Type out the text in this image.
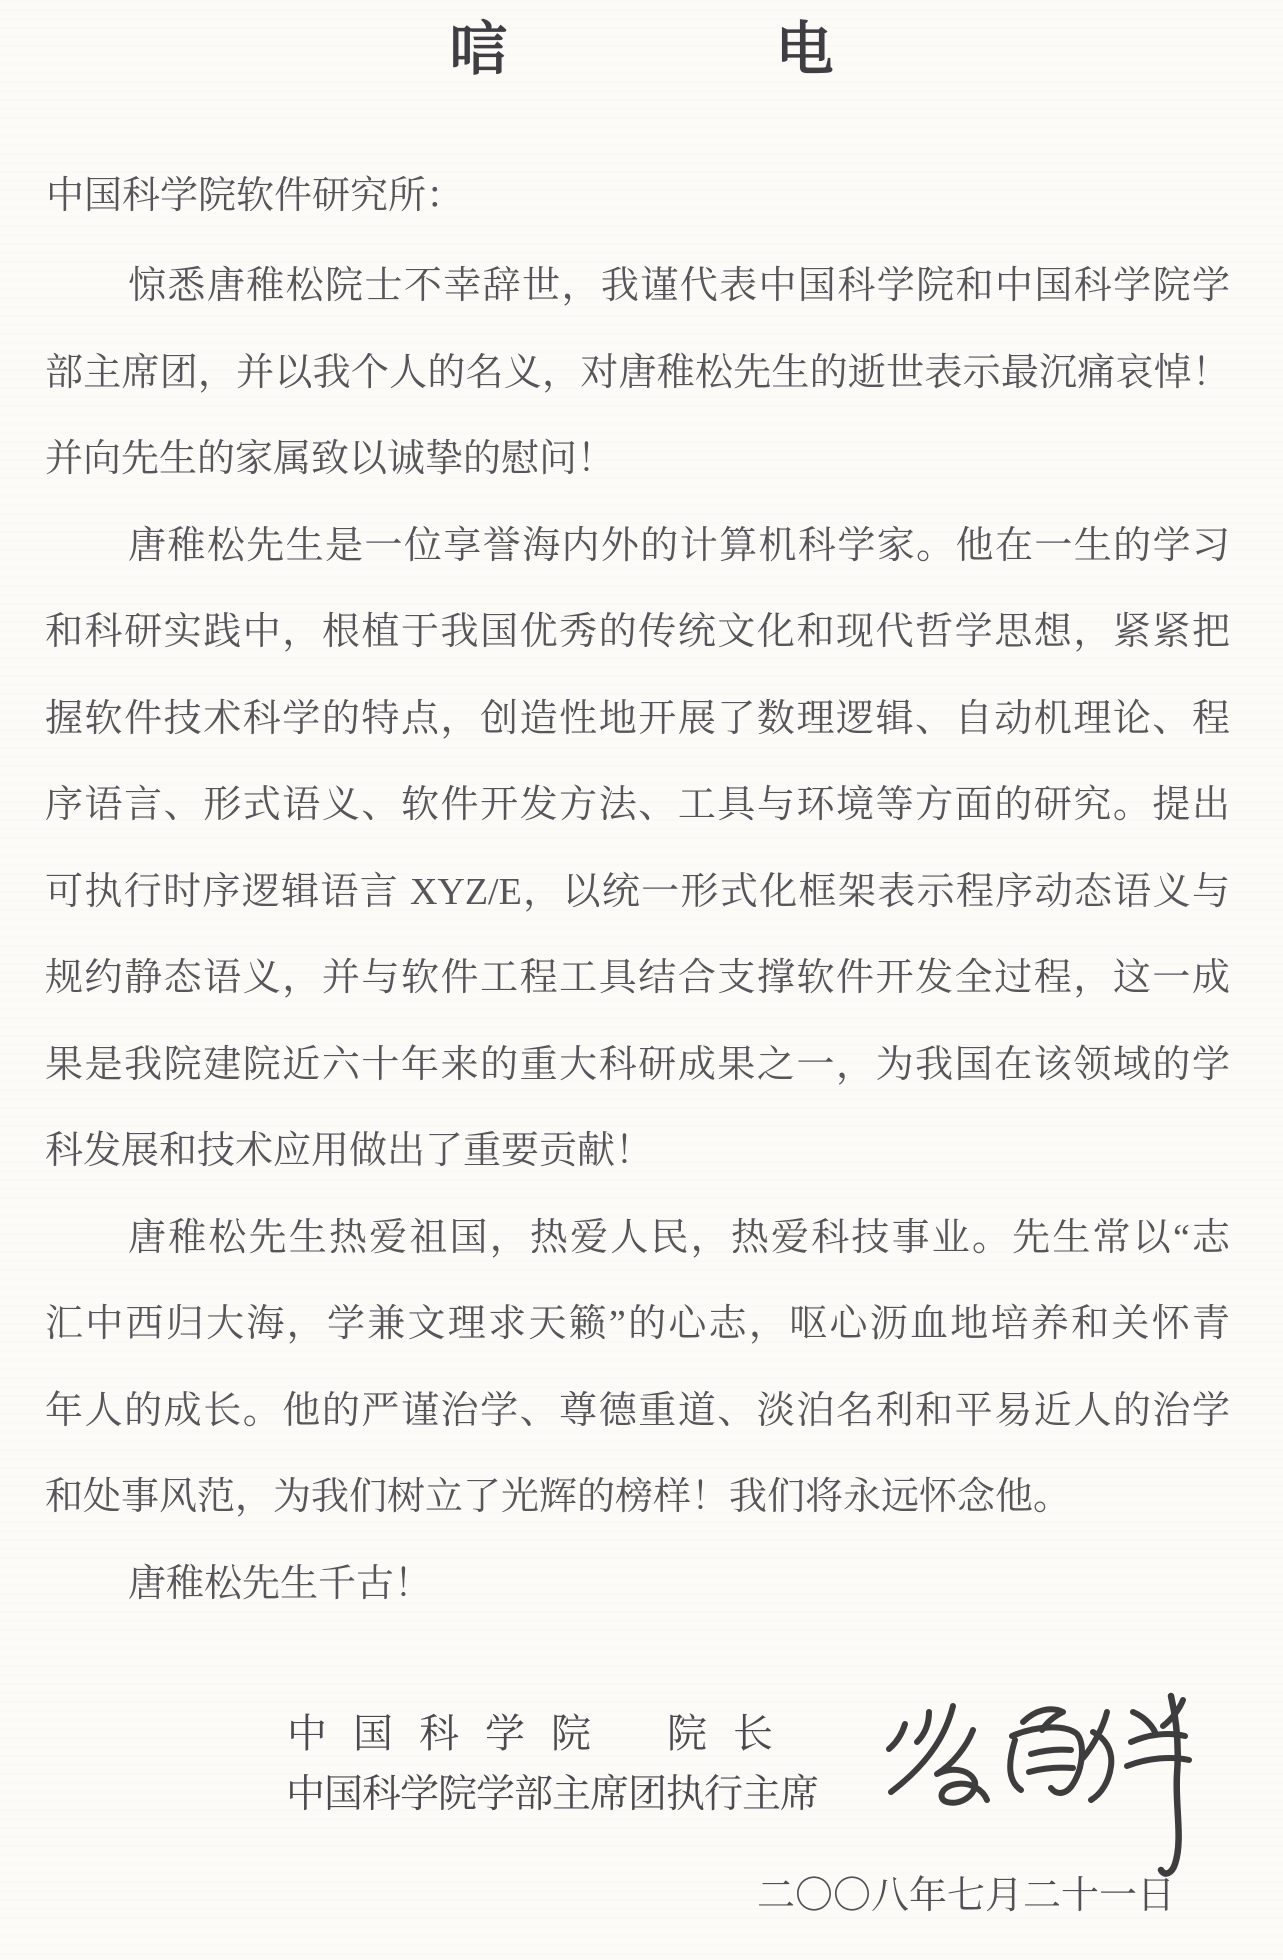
唁	电
中国科学院软件研究所：
惊悉唐稚松院士不幸辞世，我谨代表中国科学院和中国科学院学
部主席团，并以我个人的名义，对唐稚松先生的逝世表示最沉痛哀悼！
并向先生的家属致以诚挚的慰问！
唐稚松先生是一位享誉海内外的计算机科学家。他在一生的学习
和科研实践中，根植于我国优秀的传统文化和现代哲学思想，紧紧把
握软件技术科学的特点，创造性地开展了数理逻辑、自动机理论、程
序语言、形式语义、软件开发方法、工具与环境等方面的研究。提出
可执行时序逻辑语言 XYZ/E，以统一形式化框架表示程序动态语义与
规约静态语义，并与软件工程工具结合支撑软件开发全过程，这一成
果是我院建院近六十年来的重大科研成果之一，为我国在该领域的学
科发展和技术应用做出了重要贡献！
唐稚松先生热爱祖国，热爱人民，热爱科技事业。先生常以“志
汇中西归大海，学兼文理求天籁”的心志，呕心沥血地培养和关怀青
年人的成长。他的严谨治学、尊德重道、淡泊名利和平易近人的治学
和处事风范，为我们树立了光辉的榜样！我们将永远怀念他。
唐稚松先生千古！
中国科学院 院长
中国科学院学部主席团执行主席
二〇〇八年七月二十一日
